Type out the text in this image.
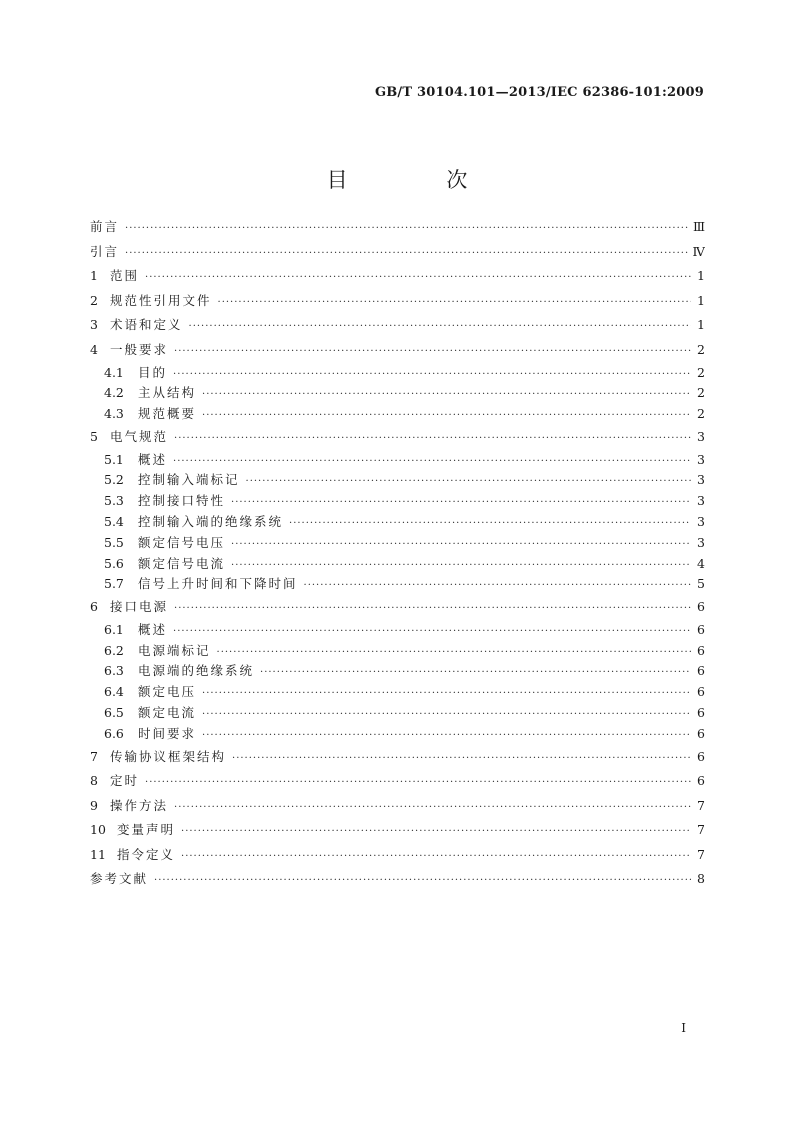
GB/T 30104.101—2013/IEC 62386-101:2009
目 次
前言 ·····	Ⅲ
引言 ·····	Ⅳ
1 范围 ·····	1
2 规范性引用文件 ·····	1
3 术语和定义 ·····	1
4 一般要求 ·····	2
4.1	目的 ·····	2
4.2	主从结构 ·····	2
4.3	规范概要 ·····	2
5 电气规范 ·····	3
5.1	概述 ·····	3
5.2	控制输入端标记 ·····	3
5.3	控制接口特性 ·····	3
5.4	控制输入端的绝缘系统 ·····	3
5.5	额定信号电压 ·····	3
5.6	额定信号电流 ·····	4
5.7	信号上升时间和下降时间 ·····	5
6 接口电源 ·····	6
6.1	概述 ·····	6
6.2	电源端标记 ·····	6
6.3	电源端的绝缘系统 ·····	6
6.4	额定电压 ·····	6
6.5	额定电流 ·····	6
6.6	时间要求 ·····	6
7 传输协议框架结构 ·····	6
8 定时 ·····	6
9 操作方法 ·····	7
10 变量声明 ·····	7
11 指令定义 ·····	7
参考文献 ·····	8
I
